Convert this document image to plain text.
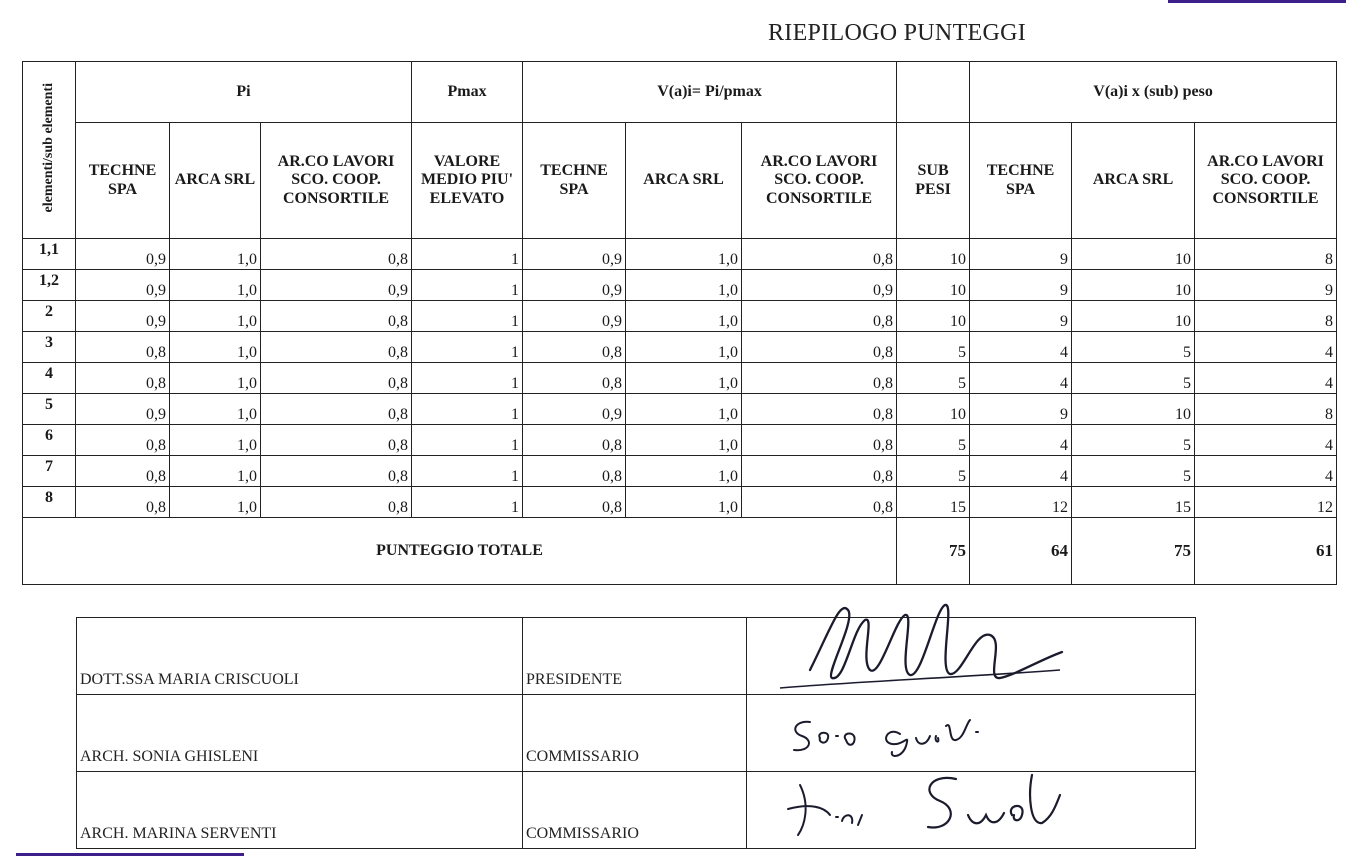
RIEPILOGO PUNTEGGI
elementi/sub elementi	Pi			Pmax	V(a)i= Pi/pmax				V(a)i x (sub) peso		
	TECHNE SPA	ARCA SRL	AR.CO LAVORI SCO. COOP. CONSORTILE	VALORE MEDIO PIU' ELEVATO	TECHNE SPA	ARCA SRL	AR.CO LAVORI SCO. COOP. CONSORTILE	SUB PESI	TECHNE SPA	ARCA SRL	AR.CO LAVORI SCO. COOP. CONSORTILE
1,1	0,9	1,0	0,8	1	0,9	1,0	0,8	10	9	10	8
1,2	0,9	1,0	0,9	1	0,9	1,0	0,9	10	9	10	9
2	0,9	1,0	0,8	1	0,9	1,0	0,8	10	9	10	8
3	0,8	1,0	0,8	1	0,8	1,0	0,8	5	4	5	4
4	0,8	1,0	0,8	1	0,8	1,0	0,8	5	4	5	4
5	0,9	1,0	0,8	1	0,9	1,0	0,8	10	9	10	8
6	0,8	1,0	0,8	1	0,8	1,0	0,8	5	4	5	4
7	0,8	1,0	0,8	1	0,8	1,0	0,8	5	4	5	4
8	0,8	1,0	0,8	1	0,8	1,0	0,8	15	12	15	12
PUNTEGGIO TOTALE								75	64	75	61
DOTT.SSA MARIA CRISCUOLI	PRESIDENTE	
ARCH. SONIA GHISLENI	COMMISSARIO	
ARCH. MARINA SERVENTI	COMMISSARIO	
